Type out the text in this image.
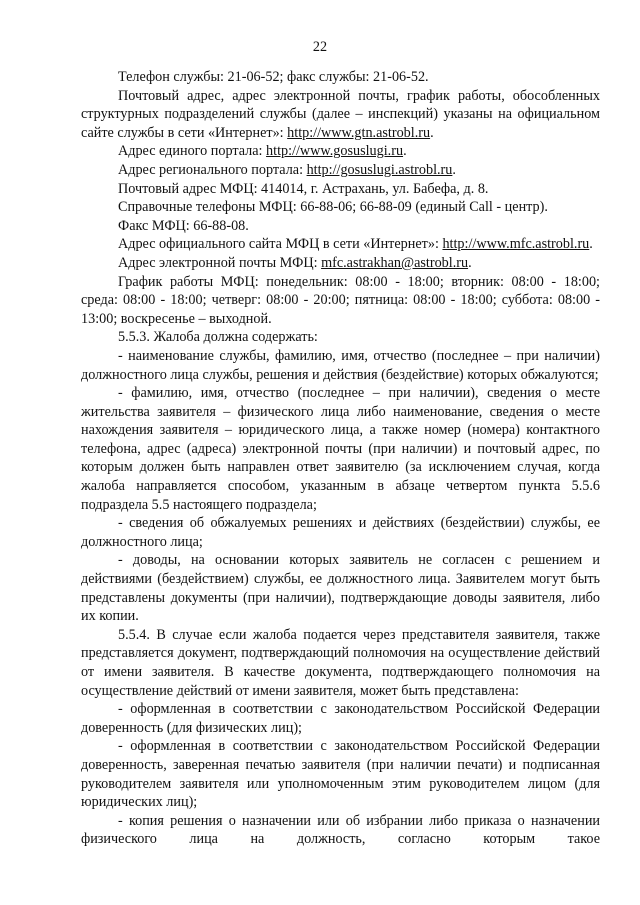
22

Телефон службы: 21-06-52; факс службы: 21-06-52.

Почтовый адрес, адрес электронной почты, график работы, обособленных структурных подразделений службы (далее – инспекций) указаны на официальном сайте службы в сети «Интернет»: http://www.gtn.astrobl.ru.

Адрес единого портала: http://www.gosuslugi.ru.

Адрес регионального портала: http://gosuslugi.astrobl.ru.

Почтовый адрес МФЦ: 414014, г. Астрахань, ул. Бабефа, д. 8.

Справочные телефоны МФЦ: 66-88-06; 66-88-09 (единый Call - центр).

Факс МФЦ: 66-88-08.

Адрес официального сайта МФЦ в сети «Интернет»: http://www.mfc.astrobl.ru.

Адрес электронной почты МФЦ: mfc.astrakhan@astrobl.ru.

График работы МФЦ: понедельник: 08:00 - 18:00; вторник: 08:00 - 18:00; среда: 08:00 - 18:00; четверг: 08:00 - 20:00; пятница: 08:00 - 18:00; суббота: 08:00 - 13:00; воскресенье – выходной.

5.5.3. Жалоба должна содержать:

- наименование службы, фамилию, имя, отчество (последнее – при наличии) должностного лица службы, решения и действия (бездействие) которых обжалуются;

- фамилию, имя, отчество (последнее – при наличии), сведения о месте жительства заявителя – физического лица либо наименование, сведения о месте нахождения заявителя – юридического лица, а также номер (номера) контактного телефона, адрес (адреса) электронной почты (при наличии) и почтовый адрес, по которым должен быть направлен ответ заявителю (за исключением случая, когда жалоба направляется способом, указанным в абзаце четвертом пункта 5.5.6 подраздела 5.5 настоящего подраздела;

- сведения об обжалуемых решениях и действиях (бездействии) службы, ее должностного лица;

- доводы, на основании которых заявитель не согласен с решением и действиями (бездействием) службы, ее должностного лица. Заявителем могут быть представлены документы (при наличии), подтверждающие доводы заявителя, либо их копии.

5.5.4. В случае если жалоба подается через представителя заявителя, также представляется документ, подтверждающий полномочия на осуществление действий от имени заявителя. В качестве документа, подтверждающего полномочия на осуществление действий от имени заявителя, может быть представлена:

- оформленная в соответствии с законодательством Российской Федерации доверенность (для физических лиц);

- оформленная в соответствии с законодательством Российской Федерации доверенность, заверенная печатью заявителя (при наличии печати) и подписанная руководителем заявителя или уполномоченным этим руководителем лицом (для юридических лиц);

- копия решения о назначении или об избрании либо приказа о назначении физического лица на должность, согласно которым такое
